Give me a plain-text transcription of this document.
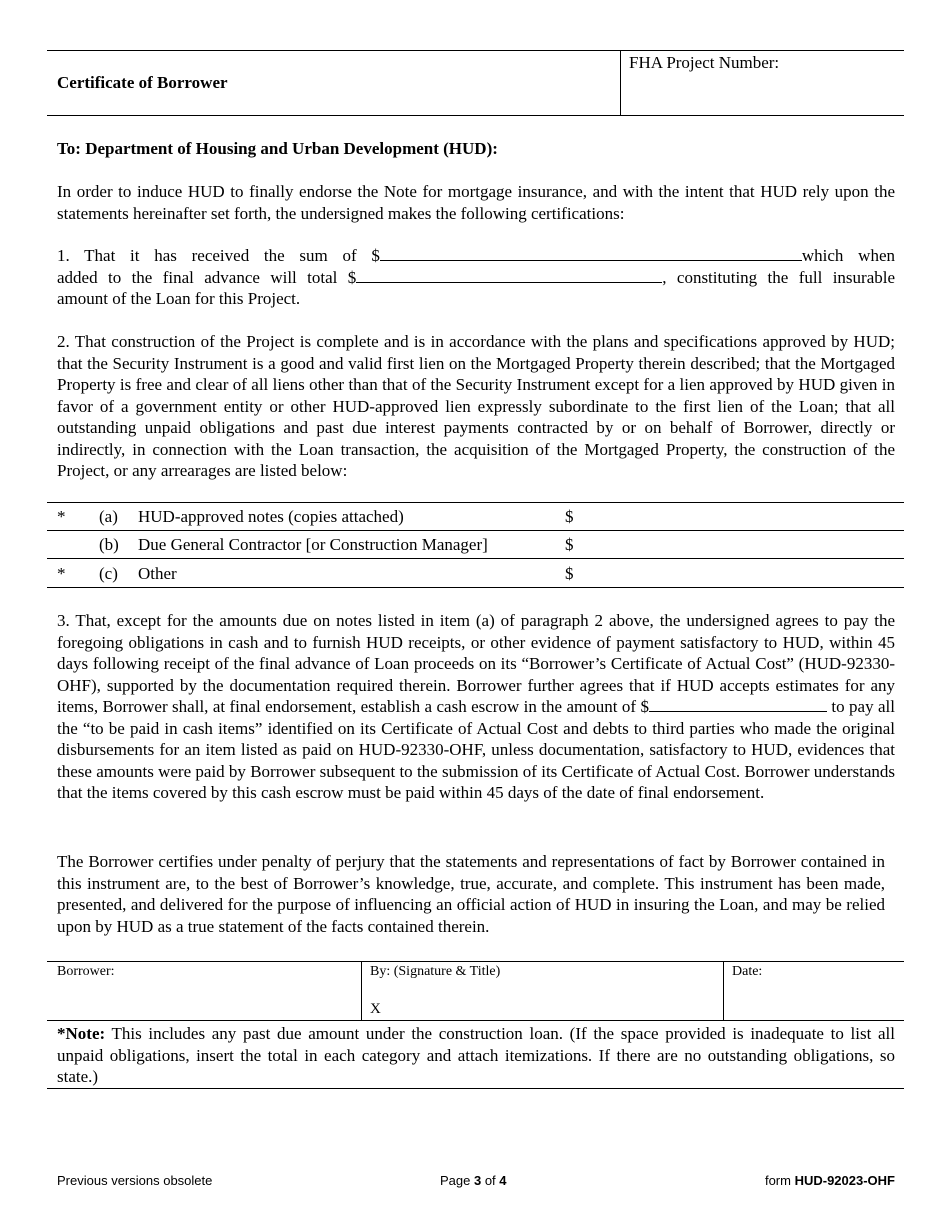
Certificate of Borrower
FHA Project Number:
To: Department of Housing and Urban Development (HUD):
In order to induce HUD to finally endorse the Note for mortgage insurance, and with the intent that HUD rely upon the statements hereinafter set forth, the undersigned makes the following certifications:
1. That it has received the sum of $	which when
added to the final advance will total $	, constituting the full insurable
amount of the Loan for this Project.
2. That construction of the Project is complete and is in accordance with the plans and specifications approved by HUD; that the Security Instrument is a good and valid first lien on the Mortgaged Property therein described; that the Mortgaged Property is free and clear of all liens other than that of the Security Instrument except for a lien approved by HUD given in favor of a government entity or other HUD-approved lien expressly subordinate to the first lien of the Loan; that all outstanding unpaid obligations and past due interest payments contracted by or on behalf of Borrower, directly or indirectly, in connection with the Loan transaction, the acquisition of the Mortgaged Property, the construction of the Project, or any arrearages are listed below:
* (a) HUD-approved notes (copies attached)	$
(b) Due General Contractor [or Construction Manager]	$
* (c) Other	$
3. That, except for the amounts due on notes listed in item (a) of paragraph 2 above, the undersigned agrees to pay the foregoing obligations in cash and to furnish HUD receipts, or other evidence of payment satisfactory to HUD, within 45 days following receipt of the final advance of Loan proceeds on its “Borrower’s Certificate of Actual Cost” (HUD-92330-OHF), supported by the documentation required therein. Borrower further agrees that if HUD accepts estimates for any items, Borrower shall, at final endorsement, establish a cash escrow in the amount of $	to pay all the “to be paid in cash items” identified on its Certificate of Actual Cost and debts to third parties who made the original disbursements for an item listed as paid on HUD-92330-OHF, unless documentation, satisfactory to HUD, evidences that these amounts were paid by Borrower subsequent to the submission of its Certificate of Actual Cost. Borrower understands that the items covered by this cash escrow must be paid within 45 days of the date of final endorsement.
The Borrower certifies under penalty of perjury that the statements and representations of fact by Borrower contained in this instrument are, to the best of Borrower’s knowledge, true, accurate, and complete. This instrument has been made, presented, and delivered for the purpose of influencing an official action of HUD in insuring the Loan, and may be relied upon by HUD as a true statement of the facts contained therein.
Borrower:	By: (Signature & Title)
X
Date:
*Note: This includes any past due amount under the construction loan. (If the space provided is inadequate to list all unpaid obligations, insert the total in each category and attach itemizations. If there are no outstanding obligations, so state.)
Previous versions obsolete	Page 3 of 4	form HUD-92023-OHF
